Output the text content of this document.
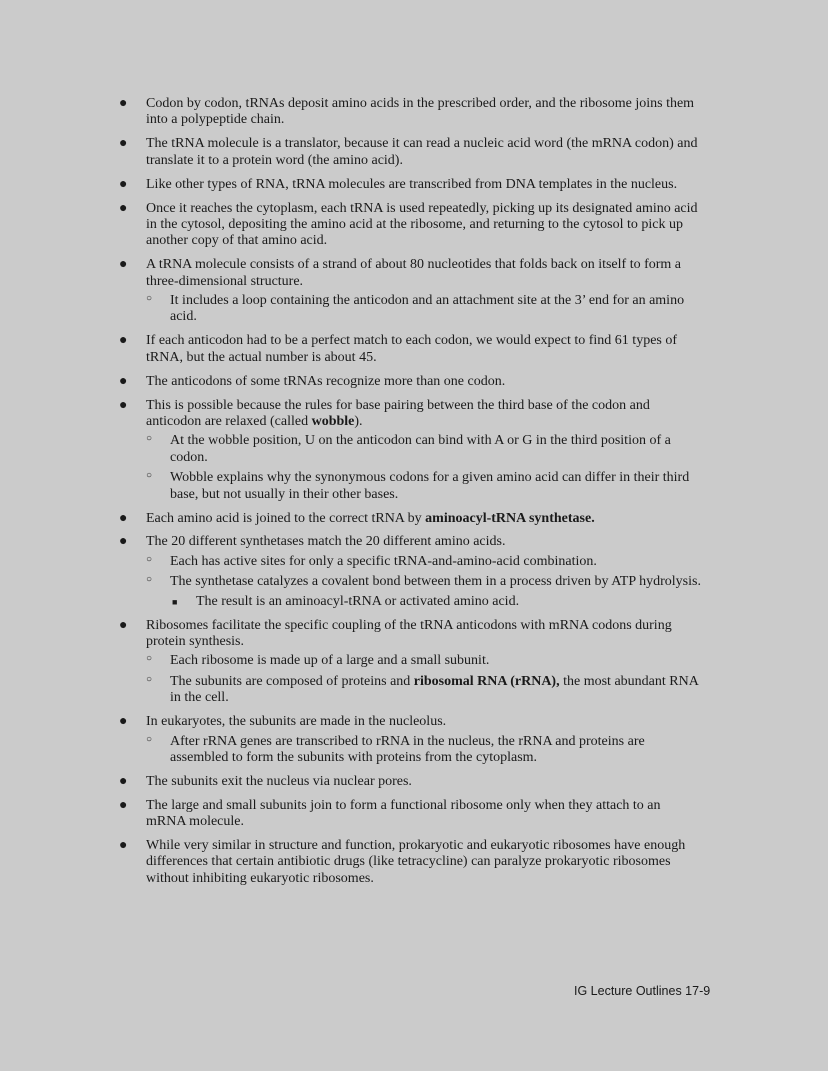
● Codon by codon, tRNAs deposit amino acids in the prescribed order, and the ribosome joins them into a polypeptide chain.
● The tRNA molecule is a translator, because it can read a nucleic acid word (the mRNA codon) and translate it to a protein word (the amino acid).
● Like other types of RNA, tRNA molecules are transcribed from DNA templates in the nucleus.
● Once it reaches the cytoplasm, each tRNA is used repeatedly, picking up its designated amino acid in the cytosol, depositing the amino acid at the ribosome, and returning to the cytosol to pick up another copy of that amino acid.
● A tRNA molecule consists of a strand of about 80 nucleotides that folds back on itself to form a three-dimensional structure.
○ It includes a loop containing the anticodon and an attachment site at the 3’ end for an amino acid.
● If each anticodon had to be a perfect match to each codon, we would expect to find 61 types of tRNA, but the actual number is about 45.
● The anticodons of some tRNAs recognize more than one codon.
● This is possible because the rules for base pairing between the third base of the codon and anticodon are relaxed (called wobble).
○ At the wobble position, U on the anticodon can bind with A or G in the third position of a codon.
○ Wobble explains why the synonymous codons for a given amino acid can differ in their third base, but not usually in their other bases.
● Each amino acid is joined to the correct tRNA by aminoacyl-tRNA synthetase.
● The 20 different synthetases match the 20 different amino acids.
○ Each has active sites for only a specific tRNA-and-amino-acid combination.
○ The synthetase catalyzes a covalent bond between them in a process driven by ATP hydrolysis.
■ The result is an aminoacyl-tRNA or activated amino acid.
● Ribosomes facilitate the specific coupling of the tRNA anticodons with mRNA codons during protein synthesis.
○ Each ribosome is made up of a large and a small subunit.
○ The subunits are composed of proteins and ribosomal RNA (rRNA), the most abundant RNA in the cell.
● In eukaryotes, the subunits are made in the nucleolus.
○ After rRNA genes are transcribed to rRNA in the nucleus, the rRNA and proteins are assembled to form the subunits with proteins from the cytoplasm.
● The subunits exit the nucleus via nuclear pores.
● The large and small subunits join to form a functional ribosome only when they attach to an mRNA molecule.
● While very similar in structure and function, prokaryotic and eukaryotic ribosomes have enough differences that certain antibiotic drugs (like tetracycline) can paralyze prokaryotic ribosomes without inhibiting eukaryotic ribosomes.
IG Lecture Outlines 17-9
